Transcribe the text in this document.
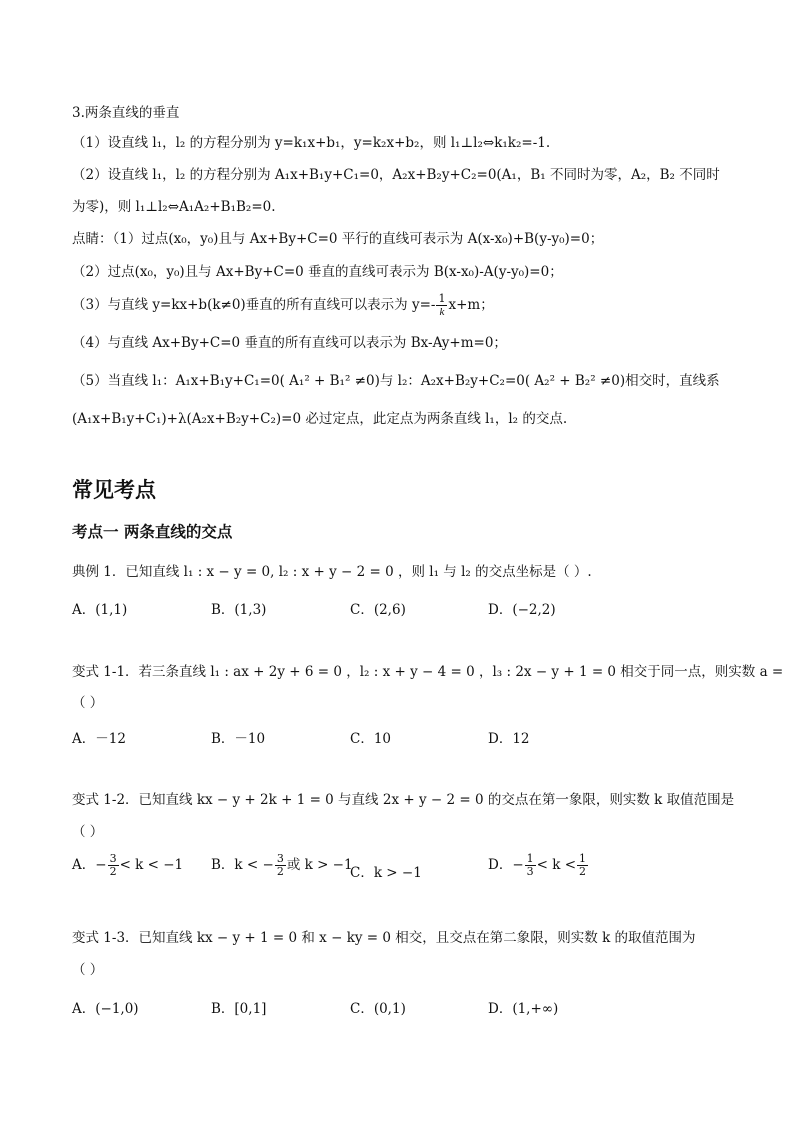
3.两条直线的垂直
（1）设直线 l₁，l₂ 的方程分别为 y=k₁x+b₁，y=k₂x+b₂，则 l₁⊥l₂⇔k₁k₂=-1.
（2）设直线 l₁，l₂ 的方程分别为 A₁x+B₁y+C₁=0，A₂x+B₂y+C₂=0(A₁，B₁ 不同时为零，A₂，B₂ 不同时
为零)，则 l₁⊥l₂⇔A₁A₂+B₁B₂=0.
点睛：（1）过点(x₀，y₀)且与 Ax+By+C=0 平行的直线可表示为 A(x-x₀)+B(y-y₀)=0；
（2）过点(x₀，y₀)且与 Ax+By+C=0 垂直的直线可表示为 B(x-x₀)-A(y-y₀)=0；
（3）与直线 y=kx+b(k≠0)垂直的所有直线可以表示为 $y=- \frac{1}{k} x+m$；
（4）与直线 Ax+By+C=0 垂直的所有直线可以表示为 Bx-Ay+m=0；
（5）当直线 l₁：A₁x+B₁y+C₁=0( A₁² + B₁² ≠0)与 l₂：A₂x+B₂y+C₂=0( A₂² + B₂² ≠0)相交时，直线系
(A₁x+B₁y+C₁)+λ(A₂x+B₂y+C₂)=0 必过定点，此定点为两条直线 l₁，l₂ 的交点.
常见考点
考点一 两条直线的交点
典例 1．已知直线 l₁ : x − y = 0, l₂ : x + y − 2 = 0 ，则 l₁ 与 l₂ 的交点坐标是（ ）.
A．(1,1)	B．(1,3)	C．(2,6)	D．(−2,2)
变式 1-1．若三条直线 l₁ : ax + 2y + 6 = 0 ，l₂ : x + y − 4 = 0 ，l₃ : 2x − y + 1 = 0 相交于同一点，则实数 a =
（ ）
A．－12	B．－10	C．10	D．12
变式 1-2．已知直线 kx − y + 2k + 1 = 0 与直线 2x + y − 2 = 0 的交点在第一象限，则实数 k 取值范围是
（ ）
A．− $\frac{3}{2} < k < -1$ B．k < − $\frac{3}{2}$ 或 k > −1
C．k > −1	D．− $\frac{1}{3} < k < \frac{1}{2}$
变式 1-3．已知直线 kx − y + 1 = 0 和 x − ky = 0 相交，且交点在第二象限，则实数 k 的取值范围为
（ ）
A．(−1,0)	B．[0,1]	C．(0,1)	D．(1,+∞)
